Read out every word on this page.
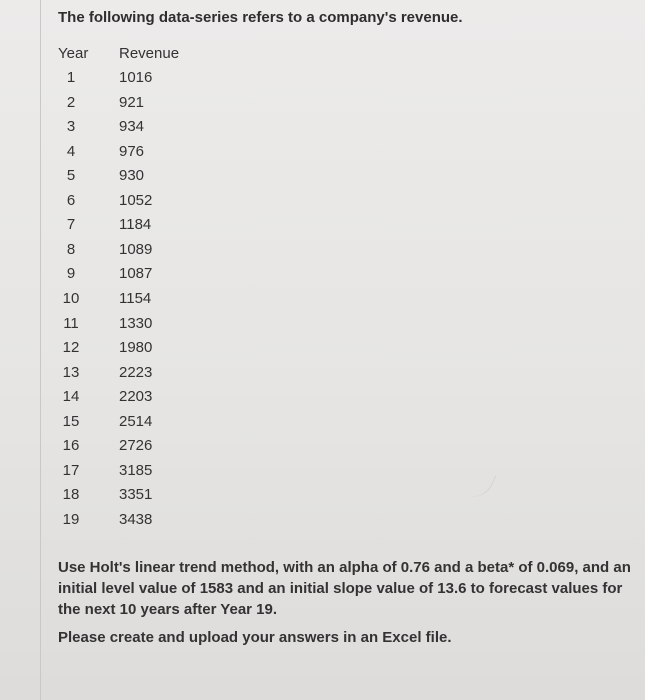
The following data-series refers to a company's revenue.
Year Revenue
1	1016
2	921
3	934
4	976
5	930
6	1052
7	1184
8	1089
9	1087
10	1154
11	1330
12	1980
13	2223
14	2203
15	2514
16	2726
17	3185
18	3351
19	3438
Use Holt's linear trend method, with an alpha of 0.76 and a beta* of 0.069, and an initial level value of 1583 and an initial slope value of 13.6 to forecast values for the next 10 years after Year 19.
Please create and upload your answers in an Excel file.
